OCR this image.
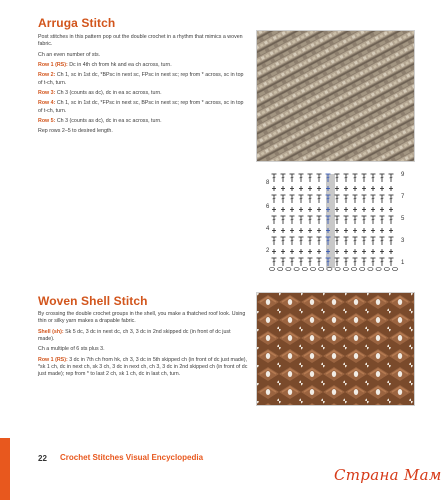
Arruga Stitch

Post stitches in this pattern pop out the double crochet in a rhythm that mimics a woven fabric.

Ch an even number of sts.

Row 1 (RS): Dc in 4th ch from hk and ea ch across, turn.

Row 2: Ch 1, sc in 1st dc, *BPsc in next sc, FPsc in next sc; rep from * across, sc in top of t-ch, turn.

Row 3: Ch 3 (counts as dc), dc in ea sc across, turn.

Row 4: Ch 1, sc in 1st dc, *FPsc in next sc, BPsc in next sc; rep from * across, sc in top of t-ch, turn.

Row 5: Ch 3 (counts as dc), dc in ea sc across, turn.

Rep rows 2–5 to desired length.

8
6
4
2
9
7
5
3
1
Woven Shell Stitch

By crossing the double crochet groups in the shell, you make a thatched roof look. Using thin or silky yarn makes a drapable fabric.

Shell (sh): Sk 5 dc, 3 dc in next dc, ch 3, 3 dc in 2nd skipped dc (in front of dc just made).

Ch a multiple of 6 sts plus 3.

Row 1 (RS): 3 dc in 7th ch from hk, ch 3, 3 dc in 5th skipped ch (in front of dc just made), *sk 1 ch, dc in next ch, sk 3 ch, 3 dc in next ch, ch 3, 3 dc in 2nd skipped ch (in front of dc just made); rep from * to last 2 ch, sk 1 ch, dc in last ch, turn.

22 Crochet Stitches Visual Encyclopedia
Страна Мам
